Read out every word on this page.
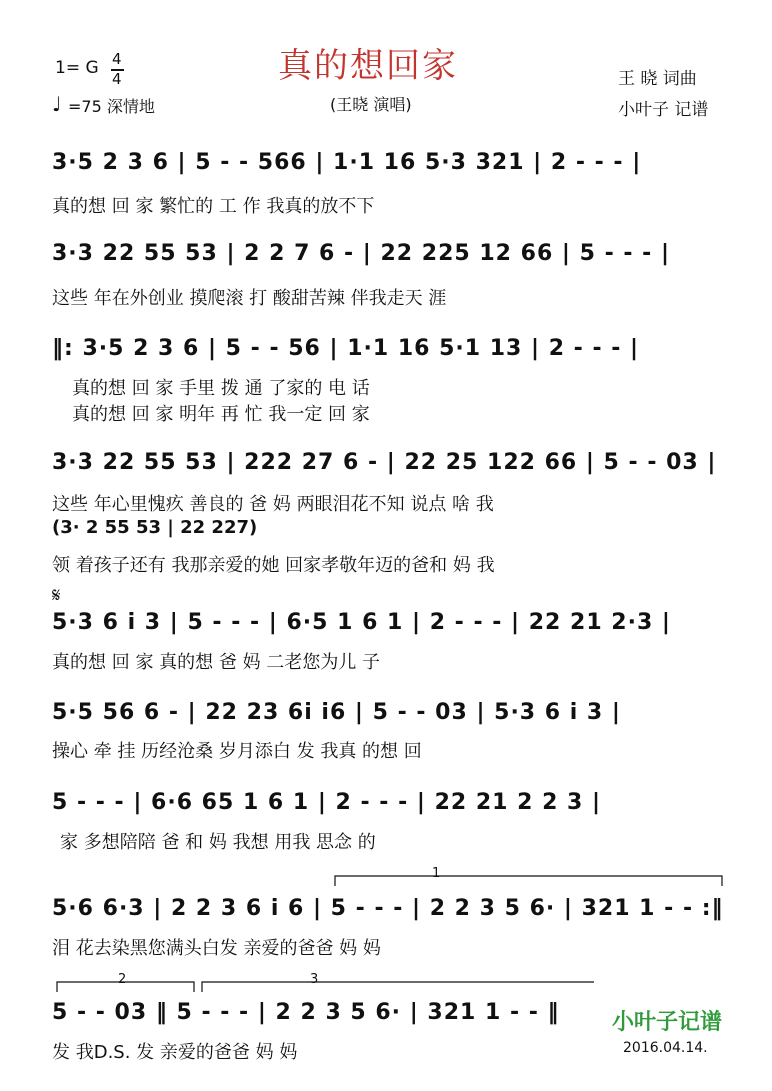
1= G 4
4
♩ =75 深情地
真的想回家
(王晓 演唱)
王 晓 词曲
小叶子 记谱
3·5 2 3 6 | 5 - - 566 | 1·1 16 5·3 321 | 2 - - - |
真的想 回 家 繁忙的 工 作 我真的放不下
3·3 22 55 53 | 2 2 7 6 - | 22 225 12 66 | 5 - - - |
这些 年在外创业 摸爬滚 打 酸甜苦辣 伴我走天 涯
‖: 3·5 2 3 6 | 5 - - 56 | 1·1 16 5·1 13 | 2 - - - |
真的想 回 家 手里 拨 通 了家的 电 话
真的想 回 家 明年 再 忙 我一定 回 家
3·3 22 55 53 | 222 27 6 - | 22 25 122 66 | 5 - - 03 |
这些 年心里愧疚 善良的 爸 妈 两眼泪花不知 说点 啥 我
(3· 2 55 53 | 22 227)
领 着孩子还有 我那亲爱的她 回家孝敬年迈的爸和 妈 我
𝄋
5·3 6 i 3 | 5 - - - | 6·5 1 6 1 | 2 - - - | 22 21 2·3 |
真的想 回 家 真的想 爸 妈 二老您为儿 子
5·5 56 6 - | 22 23 6i i6 | 5 - - 03 | 5·3 6 i 3 |
操心 牵 挂 历经沧桑 岁月添白 发 我真 的想 回
5 - - - | 6·6 65 1 6 1 | 2 - - - | 22 21 2 2 3 |
家 多想陪陪 爸 和 妈 我想 用我 思念 的
5·6 6·3 | 2 2 3 6 i 6 | 5 - - - | 2 2 3 5 6· | 321 1 - - :‖
泪 花去染黑您满头白发 亲爱的爸爸 妈 妈
5 - - 03 ‖ 5 - - - | 2 2 3 5 6· | 321 1 - - ‖
发 我D.S. 发 亲爱的爸爸 妈 妈
1
2	3
小叶子记谱
2016.04.14.
